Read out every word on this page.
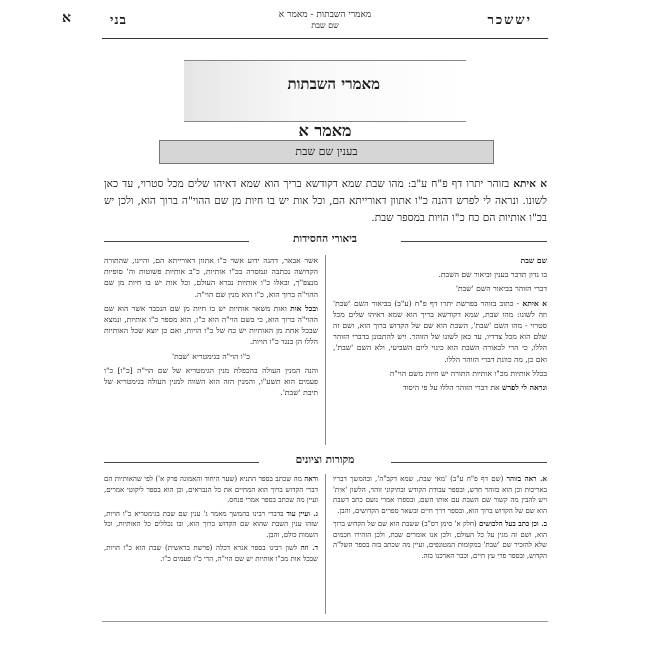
א	בני	יששכר
מאמרי השבתות - מאמר א
שם שבת
מאמרי השבתות
מאמר א
בענין שם שבת
א איתא בזוהר יתרו דף פ"ח ע"ב: מהו שבת שמא דקודשא בריך הוא שמא דאיהו שלים מכל סטרוי, עד כאן לשונו. ונראה לי לפרש דהנה כ"ו אתוון דאורייתא הם, וכל אות יש בו חיות מן שם ההוי"ה ברוך הוא, ולכן יש בכ"ו אותיות הם כח כ"ו הויות במספר שבת.
ביאורי החסידות

שם שבת

בו נדון תדבר בענין וביאור שם השבת.

דברי הזוהר בביאור השם 'שבת'

א איתא - כתוב בזוהר בפרשת יתרו דף פ"ח (ע"ב) בביאור השם 'שבת' וזה לשונו: מהו שבת, שמא דקודשא בריך הוא שמא דאיהו שלים מכל סטרוי - מהו השם 'שבת', השבת הוא שם של הקדוש ברוך הוא, ושם זה שלם הוא מכל צדדיו, עד כאן לשונו של הזוהר. ויש להתבונן בדברי הזוהר הללו, כי הרי לכאורה השבת הוא כינוי ליום השביעי, ולא השם 'שבת', ואם כן, מה כוונת דברי הזוהר הללו.

בכלל אותיות מכ"ו אותיות התורה יש חיות משם הוי"ה

ונראה לי לפרש את דברי הזוהר הללו על פי היסוד

אשר אבאר, דהנה ידוע אשר כ"ו אתוון דאורייתא הם, והיינו, שהתורה הקדושה נכתבה ונמסרה בכ"ו אותיות, כ"ב אותיות פשוטות וה' סופיות מנצפ"ך, ובאלו כ"ו אותיות נברא העולם, וכל אות יש בו חיות מן שם ההוי"ה ברוך הוא, כ"ו הוא מנין שם הוי"ה.

ובכל אות ואות משאר אותיות יש בו חיות מן שם הנכבד אשר הוא שם ההוי"ה ברוך הוא, כי בשם הוי"ה הוא כ"ו, הוא מספר כ"ו אותיות, ונמצא שבכל אחת מן האותיות יש כח של כ"ו הויות, ואם כן יוצא שכל האותיות הללו הן כנגד כ"ו הויות.

כ"ו הוי"ה בגימטריא 'שבת'

והנה המנין העולה בהכפלת מנין הגימטריא של שם הוי"ה [כ"ו] כ"ו פעמים הוא תשע"ו, והמנין הזה הוא השווה למנין העולה בגימטריא של תיבת 'שבת'.

מקורות וציונים

א. ראה בזוהר (שם דף פ"ח ע"ב) 'מאי שבת, שמא דקב"ה', ובהמשך דבריו באריכות וכן הוא בזוהר חדש, ובספר עבודת הקודש ובתיקוני זוהר, הלשון 'אית' ויש להבין מה קשור שם השבת עם אותו השם, ובספרו אמרי נועם כתב דשבת הוא שם של הקדוש ברוך הוא, ובספר דרך חיים ובשאר ספרים הקדושים, והבן.

ב. וכן כתב בעל הלבושים (חלק א' סימן רס"ב) ששבת הוא שם של הקדוש ברוך הוא, ושם זה מגין על כל העולם, ולכן אנו אומרים שבת, ולכן הזהירו חכמים שלא להזכיר שם 'שבת' במקומות המטונפים, ועיין מה שכתב בזה בספר השל"ה הקדוש, ובספר פרי עץ חיים, וכבר הארכנו בזה.

וראה מה שכתב בספר התניא (שער היחוד והאמונה פרק א') לפי שהאותיות הם דברי הקדוש ברוך הוא המחיים את כל הנבראים, וכן הוא בספר ליקוטי אמרים, ועיין מה שכתב בספר אמרי פנחס.

ג. ועיין עוד בדברי רבינו בהמשך מאמר ג' ענין שם שבת בגימטריא כ"ו הויות, שזהו ענין השבת שהוא שם הקדוש ברוך הוא, ובו נכללים כל האותיות, וכל השמות כולם, והבן.

ד. וזה לשון רבינו בספר אגרא דכלה (פרשת בראשית) שבת הוא כ"ו הויות, שבכל אות מכ"ו אותיות יש שם הוי"ה, הרי כ"ו פעמים כ"ו.
